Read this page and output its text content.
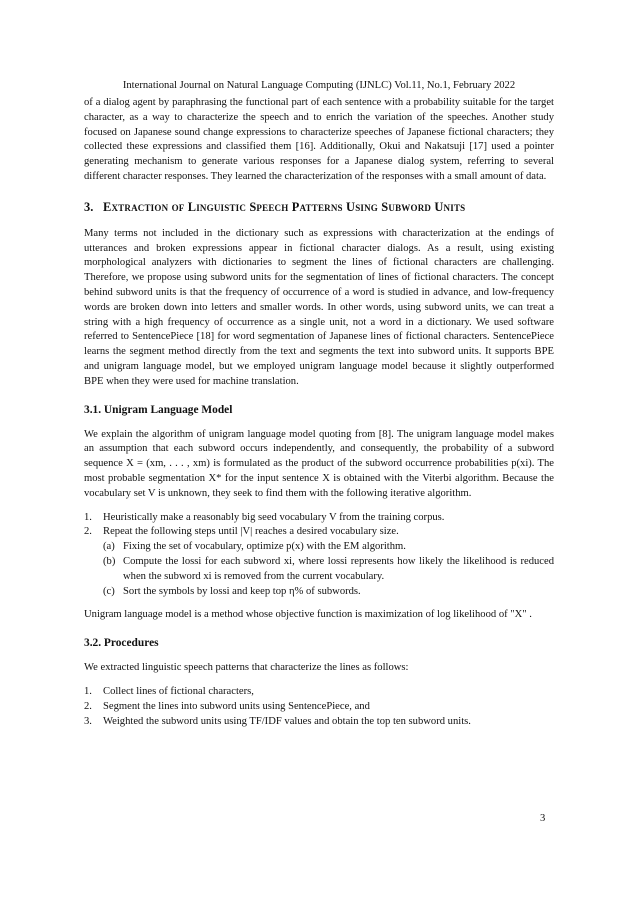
International Journal on Natural Language Computing (IJNLC) Vol.11, No.1, February 2022

of a dialog agent by paraphrasing the functional part of each sentence with a probability suitable for the target character, as a way to characterize the speech and to enrich the variation of the speeches. Another study focused on Japanese sound change expressions to characterize speeches of Japanese fictional characters; they collected these expressions and classified them [16]. Additionally, Okui and Nakatsuji [17] used a pointer generating mechanism to generate various responses for a Japanese dialog system, referring to several different character responses. They learned the characterization of the responses with a small amount of data.

3. Extraction of Linguistic Speech Patterns Using Subword Units

Many terms not included in the dictionary such as expressions with characterization at the endings of utterances and broken expressions appear in fictional character dialogs. As a result, using existing morphological analyzers with dictionaries to segment the lines of fictional characters are challenging. Therefore, we propose using subword units for the segmentation of lines of fictional characters. The concept behind subword units is that the frequency of occurrence of a word is studied in advance, and low-frequency words are broken down into letters and smaller words. In other words, using subword units, we can treat a string with a high frequency of occurrence as a single unit, not a word in a dictionary. We used software referred to SentencePiece [18] for word segmentation of Japanese lines of fictional characters. SentencePiece learns the segment method directly from the text and segments the text into subword units. It supports BPE and unigram language model, but we employed unigram language model because it slightly outperformed BPE when they were used for machine translation.

3.1. Unigram Language Model

We explain the algorithm of unigram language model quoting from [8]. The unigram language model makes an assumption that each subword occurs independently, and consequently, the probability of a subword sequence X = (xm, . . . , xm) is formulated as the product of the subword occurrence probabilities p(xi). The most probable segmentation X* for the input sentence X is obtained with the Viterbi algorithm. Because the vocabulary set V is unknown, they seek to find them with the following iterative algorithm.

1.	Heuristically make a reasonably big seed vocabulary V from the training corpus.
2.	Repeat the following steps until |V| reaches a desired vocabulary size.
(a) Fixing the set of vocabulary, optimize p(x) with the EM algorithm.
(b) Compute the lossi for each subword xi, where lossi represents how likely the likelihood is reduced when the subword xi is removed from the current vocabulary.
(c) Sort the symbols by lossi and keep top η% of subwords.

Unigram language model is a method whose objective function is maximization of log likelihood of "X" .

3.2. Procedures

We extracted linguistic speech patterns that characterize the lines as follows:

1.	Collect lines of fictional characters,
2.	Segment the lines into subword units using SentencePiece, and
3.	Weighted the subword units using TF/IDF values and obtain the top ten subword units.
3
